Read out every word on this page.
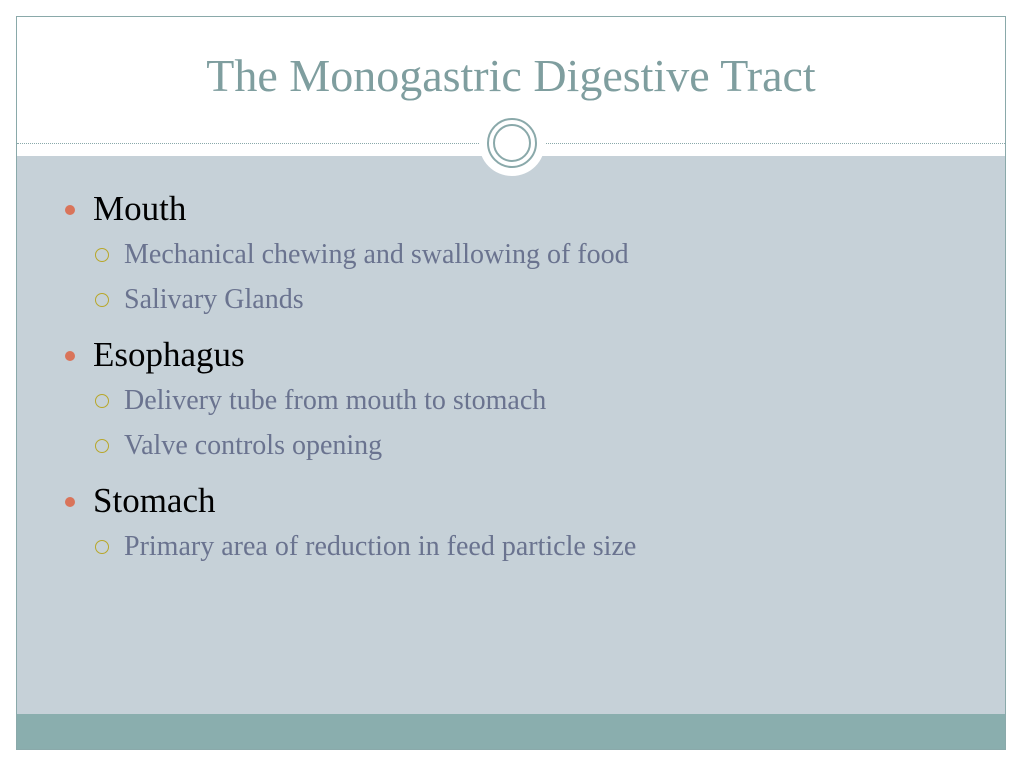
The Monogastric Digestive Tract
Mouth
Mechanical chewing and swallowing of food
Salivary Glands
Esophagus
Delivery tube from mouth to stomach
Valve controls opening
Stomach
Primary area of reduction in feed particle size
